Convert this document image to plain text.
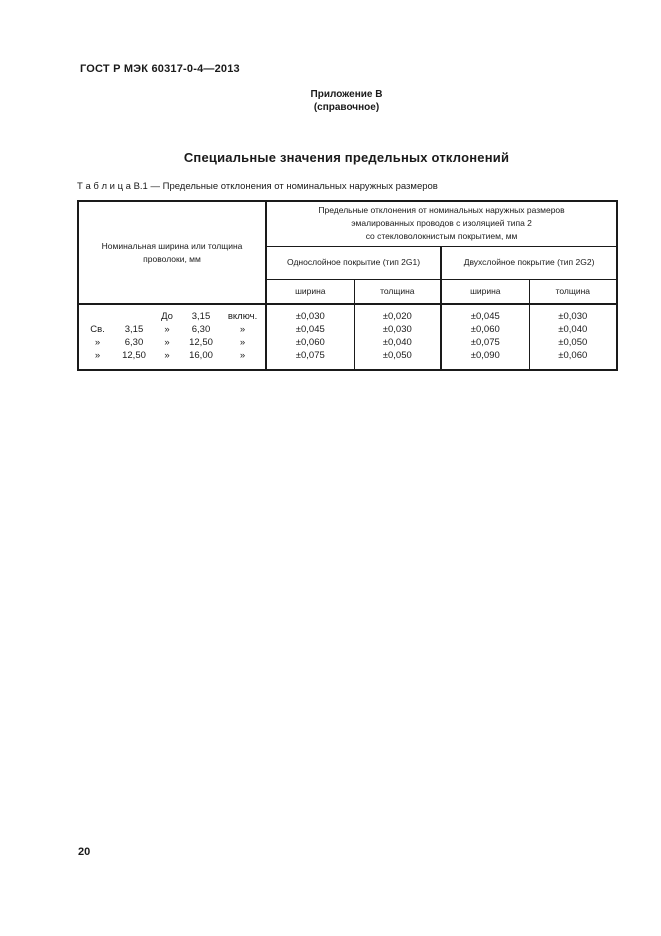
ГОСТ Р МЭК 60317-0-4—2013
Приложение В
(справочное)
Специальные значения предельных отклонений
Т а б л и ц а В.1 — Предельные отклонения от номинальных наружных размеров
Номинальная ширина или толщина проволоки, мм					Предельные отклонения от номинальных наружных размеров
эмалированных проводов с изоляцией типа 2
со стекловолокнистым покрытием, мм			

					Однослойное покрытие (тип 2G1)		Двухслойное покрытие (тип 2G2)	
					ширина	толщина	ширина	толщина
		До	3,15	включ.	±0,030	±0,020	±0,045	±0,030
Св.	3,15	»	6,30	»	±0,045	±0,030	±0,060	±0,040
»	6,30	»	12,50	»	±0,060	±0,040	±0,075	±0,050
»	12,50	»	16,00	»	±0,075	±0,050	±0,090	±0,060
20
